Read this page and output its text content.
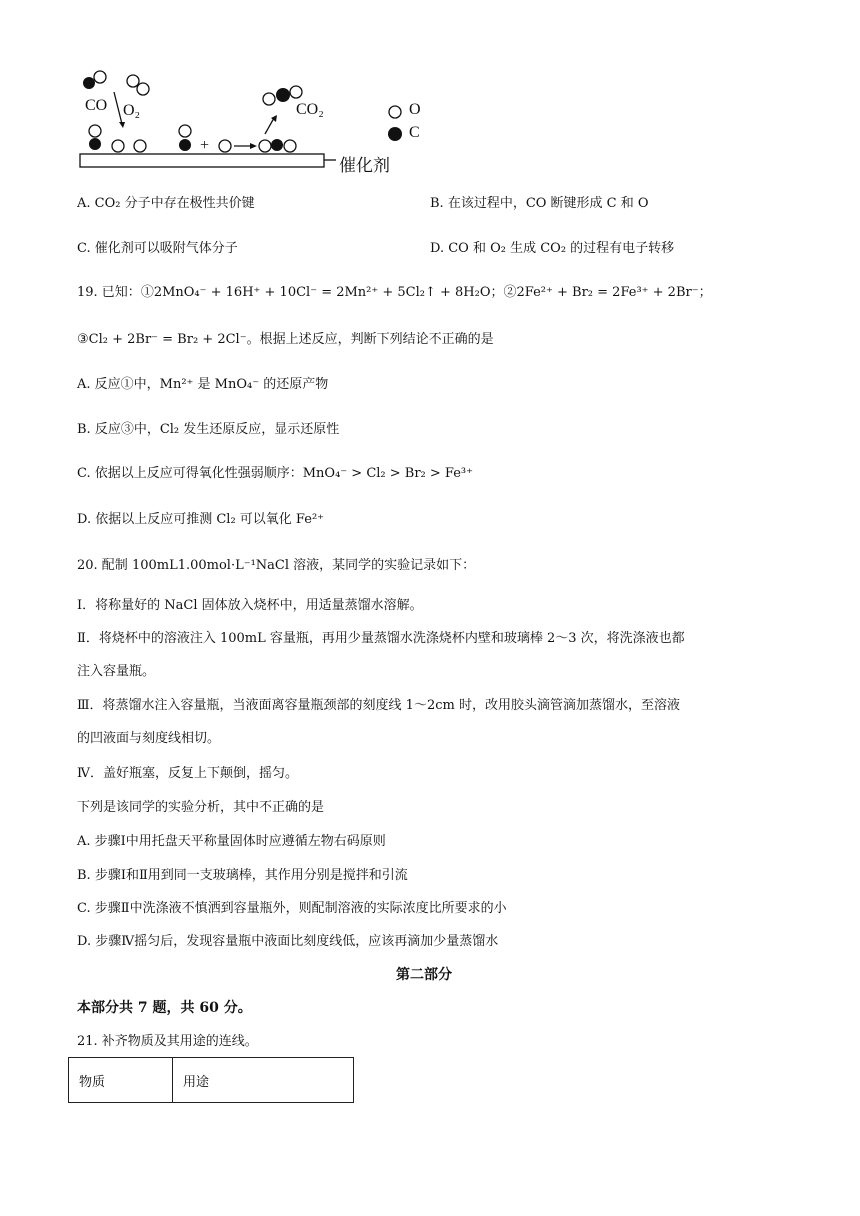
CO O₂	CO₂
+
O
C
催化剂
A. CO₂ 分子中存在极性共价键	B. 在该过程中，CO 断键形成 C 和 O
C. 催化剂可以吸附气体分子	D. CO 和 O₂ 生成 CO₂ 的过程有电子转移
19. 已知：①2MnO₄⁻ + 16H⁺ + 10Cl⁻ = 2Mn²⁺ + 5Cl₂↑ + 8H₂O；②2Fe²⁺ + Br₂ = 2Fe³⁺ + 2Br⁻；
③Cl₂ + 2Br⁻ = Br₂ + 2Cl⁻。根据上述反应，判断下列结论不正确的是
A. 反应①中，Mn²⁺ 是 MnO₄⁻ 的还原产物
B. 反应③中，Cl₂ 发生还原反应，显示还原性
C. 依据以上反应可得氧化性强弱顺序：MnO₄⁻ > Cl₂ > Br₂ > Fe³⁺
D. 依据以上反应可推测 Cl₂ 可以氧化 Fe²⁺
20. 配制 100mL1.00mol·L⁻¹NaCl 溶液，某同学的实验记录如下：
Ⅰ．将称量好的 NaCl 固体放入烧杯中，用适量蒸馏水溶解。
Ⅱ．将烧杯中的溶液注入 100mL 容量瓶，再用少量蒸馏水洗涤烧杯内壁和玻璃棒 2～3 次，将洗涤液也都
注入容量瓶。
Ⅲ．将蒸馏水注入容量瓶，当液面离容量瓶颈部的刻度线 1～2cm 时，改用胶头滴管滴加蒸馏水，至溶液
的凹液面与刻度线相切。
Ⅳ．盖好瓶塞，反复上下颠倒，摇匀。
下列是该同学的实验分析，其中不正确的是
A. 步骤Ⅰ中用托盘天平称量固体时应遵循左物右码原则
B. 步骤Ⅰ和Ⅱ用到同一支玻璃棒，其作用分别是搅拌和引流
C. 步骤Ⅱ中洗涤液不慎洒到容量瓶外，则配制溶液的实际浓度比所要求的小
D. 步骤Ⅳ摇匀后，发现容量瓶中液面比刻度线低，应该再滴加少量蒸馏水
第二部分
本部分共 7 题，共 60 分。
21. 补齐物质及其用途的连线。
物质	用途
